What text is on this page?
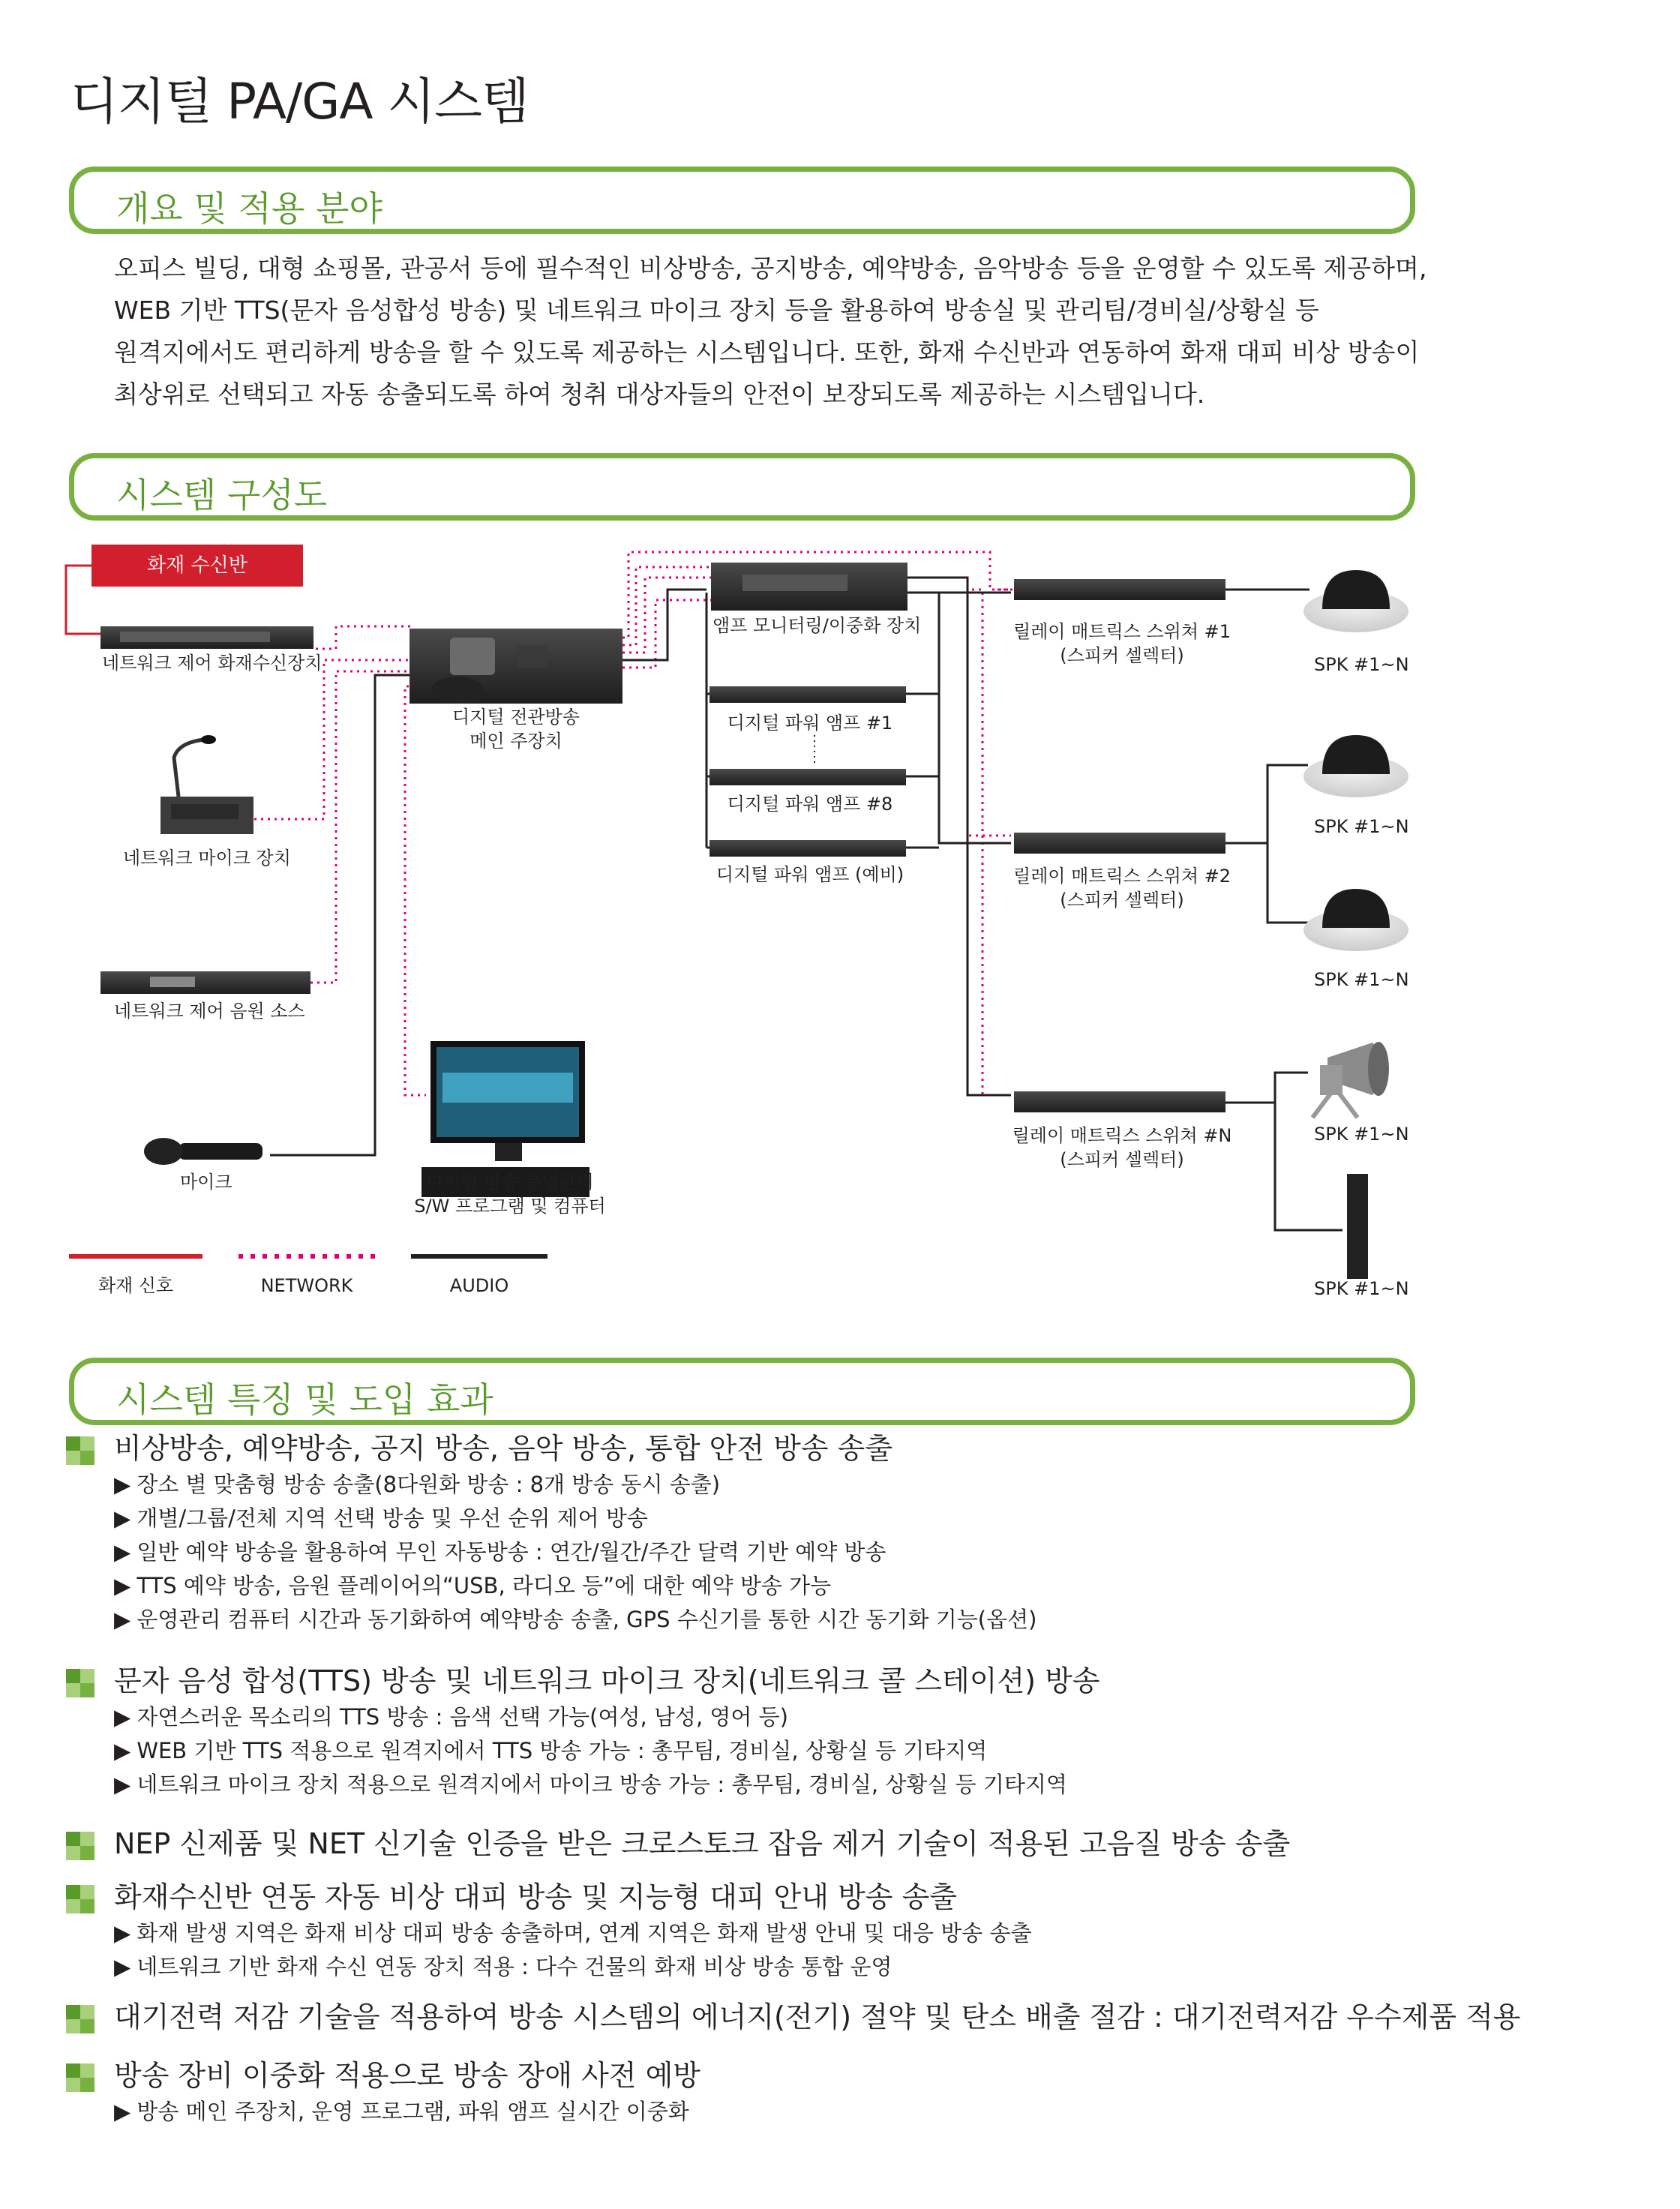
디지털 PA/GA 시스템
개요 및 적용 분야

오피스 빌딩, 대형 쇼핑몰, 관공서 등에 필수적인 비상방송, 공지방송, 예약방송, 음악방송 등을 운영할 수 있도록 제공하며,

WEB 기반 TTS(문자 음성합성 방송) 및 네트워크 마이크 장치 등을 활용하여 방송실 및 관리팀/경비실/상황실 등

원격지에서도 편리하게 방송을 할 수 있도록 제공하는 시스템입니다. 또한, 화재 수신반과 연동하여 화재 대피 비상 방송이

최상위로 선택되고 자동 송출되도록 하여 청취 대상자들의 안전이 보장되도록 제공하는 시스템입니다.

시스템 구성도
화재 수신반
네트워크 제어 화재수신장치
디지털 전관방송
메인 주장치
네트워크 마이크 장치
네트워크 제어 음원 소스
마이크	디지털 방송 운영관리
S/W 프로그램 및 컴퓨터
앰프 모니터링/이중화 장치
디지털 파워 앰프 #1
디지털 파워 앰프 #8
디지털 파워 앰프 (예비)
릴레이 매트릭스 스위쳐 #1
(스피커 셀렉터)
릴레이 매트릭스 스위쳐 #2
(스피커 셀렉터)
릴레이 매트릭스 스위쳐 #N
(스피커 셀렉터)
SPK #1~N
SPK #1~N
SPK #1~N
SPK #1~N
SPK #1~N
화재 신호	NETWORK	AUDIO
시스템 특징 및 도입 효과
비상방송, 예약방송, 공지 방송, 음악 방송, 통합 안전 방송 송출
▶ 장소 별 맞춤형 방송 송출(8다원화 방송 : 8개 방송 동시 송출)
▶ 개별/그룹/전체 지역 선택 방송 및 우선 순위 제어 방송
▶ 일반 예약 방송을 활용하여 무인 자동방송 : 연간/월간/주간 달력 기반 예약 방송
▶ TTS 예약 방송, 음원 플레이어의“USB, 라디오 등”에 대한 예약 방송 가능
▶ 운영관리 컴퓨터 시간과 동기화하여 예약방송 송출, GPS 수신기를 통한 시간 동기화 기능(옵션)
문자 음성 합성(TTS) 방송 및 네트워크 마이크 장치(네트워크 콜 스테이션) 방송
▶ 자연스러운 목소리의 TTS 방송 : 음색 선택 가능(여성, 남성, 영어 등)
▶ WEB 기반 TTS 적용으로 원격지에서 TTS 방송 가능 : 총무팀, 경비실, 상황실 등 기타지역
▶ 네트워크 마이크 장치 적용으로 원격지에서 마이크 방송 가능 : 총무팀, 경비실, 상황실 등 기타지역
NEP 신제품 및 NET 신기술 인증을 받은 크로스토크 잡음 제거 기술이 적용된 고음질 방송 송출
화재수신반 연동 자동 비상 대피 방송 및 지능형 대피 안내 방송 송출
▶ 화재 발생 지역은 화재 비상 대피 방송 송출하며, 연계 지역은 화재 발생 안내 및 대응 방송 송출
▶ 네트워크 기반 화재 수신 연동 장치 적용 : 다수 건물의 화재 비상 방송 통합 운영
대기전력 저감 기술을 적용하여 방송 시스템의 에너지(전기) 절약 및 탄소 배출 절감 : 대기전력저감 우수제품 적용
방송 장비 이중화 적용으로 방송 장애 사전 예방
▶ 방송 메인 주장치, 운영 프로그램, 파워 앰프 실시간 이중화
